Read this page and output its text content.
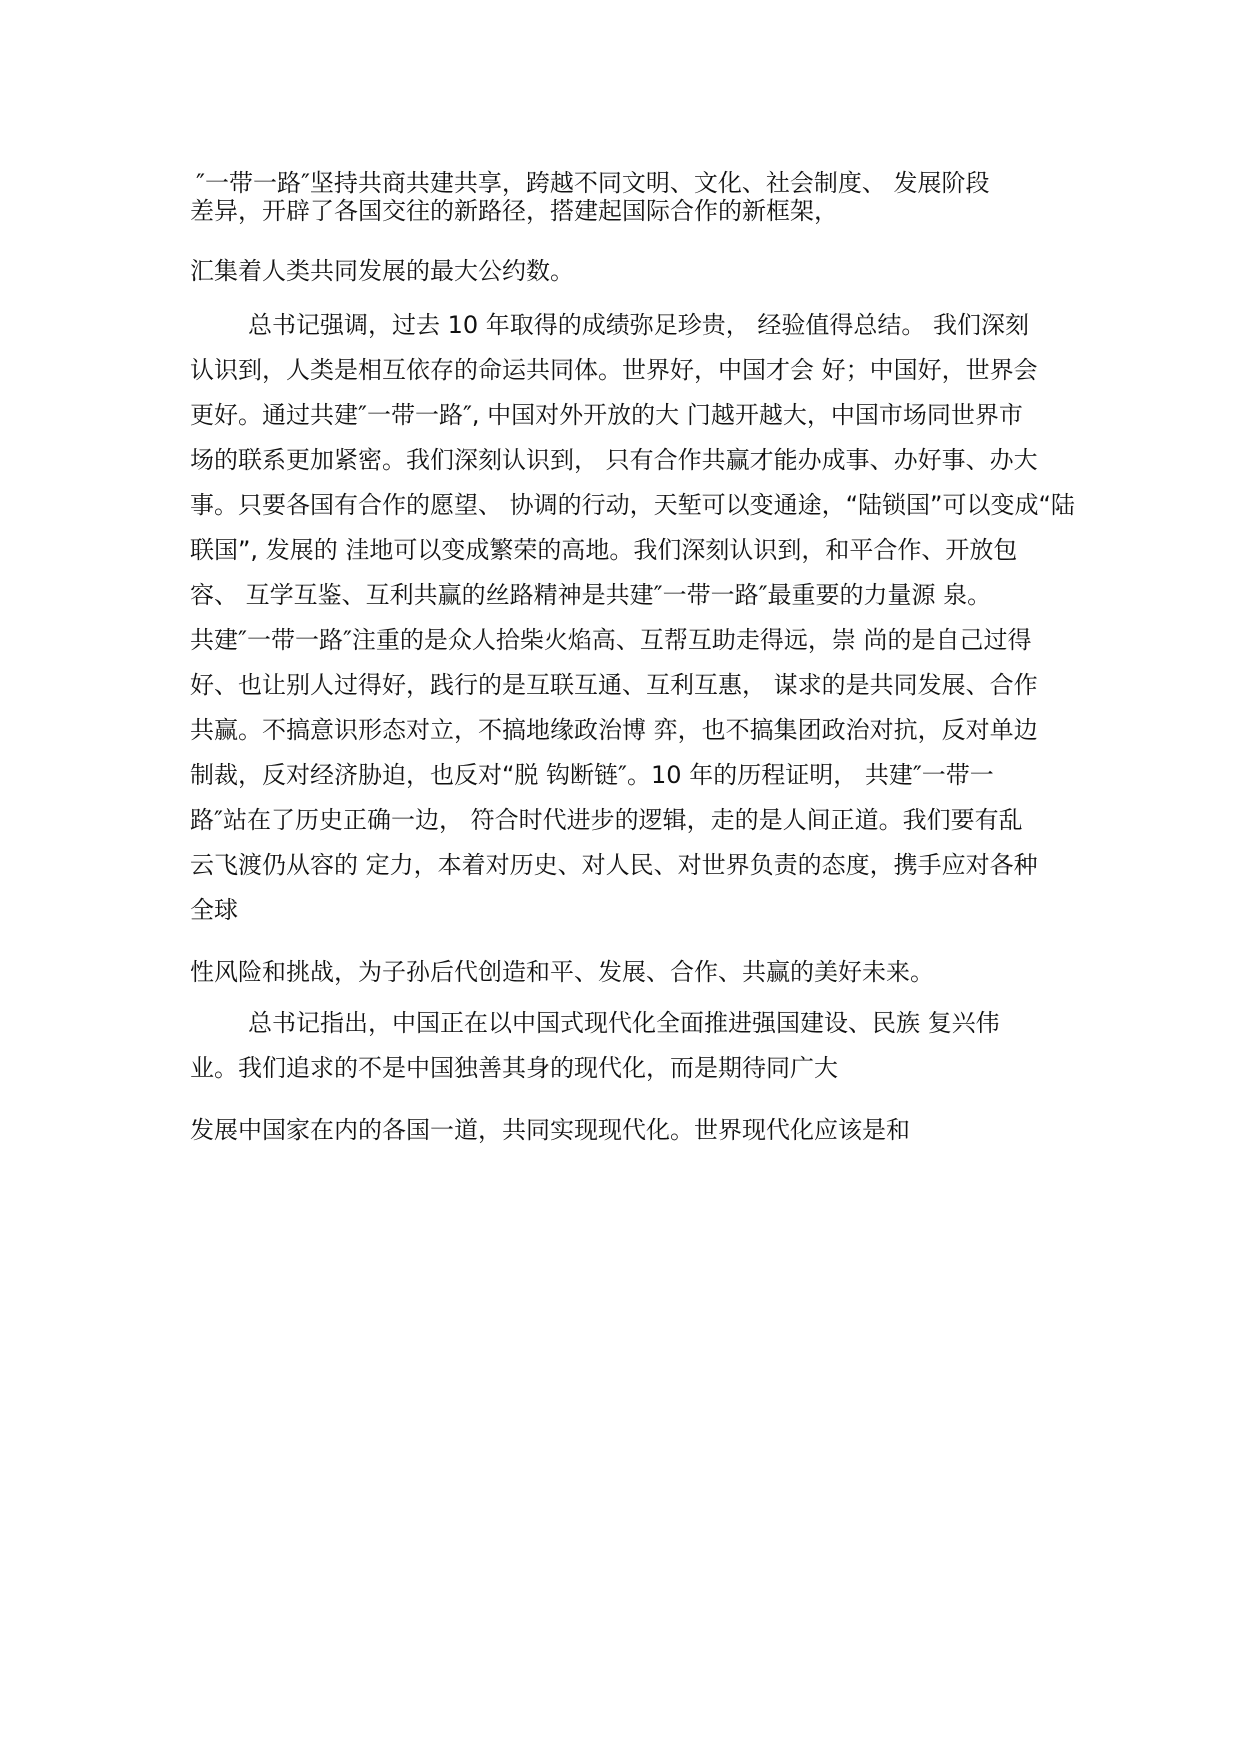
″一带一路″坚持共商共建共享，跨越不同文明、文化、社会制度、 发展阶段
差异，开辟了各国交往的新路径，搭建起国际合作的新框架，
汇集着人类共同发展的最大公约数。
总书记强调，过去 10 年取得的成绩弥足珍贵， 经验值得总结。 我们深刻
认识到，人类是相互依存的命运共同体。世界好，中国才会 好；中国好，世界会
更好。通过共建″一带一路″, 中国对外开放的大 门越开越大，中国市场同世界市
场的联系更加紧密。我们深刻认识到， 只有合作共赢才能办成事、办好事、办大
事。只要各国有合作的愿望、 协调的行动，天堑可以变通途，“陆锁国”可以变成“陆
联国”, 发展的 洼地可以变成繁荣的高地。我们深刻认识到，和平合作、开放包
容、 互学互鉴、互利共赢的丝路精神是共建″一带一路″最重要的力量源 泉。
共建″一带一路″注重的是众人拾柴火焰高、互帮互助走得远，崇 尚的是自己过得
好、也让别人过得好，践行的是互联互通、互利互惠， 谋求的是共同发展、合作
共赢。不搞意识形态对立，不搞地缘政治博 弈，也不搞集团政治对抗，反对单边
制裁，反对经济胁迫，也反对“脱 钩断链″。10 年的历程证明， 共建″一带一
路″站在了历史正确一边， 符合时代进步的逻辑，走的是人间正道。我们要有乱
云飞渡仍从容的 定力，本着对历史、对人民、对世界负责的态度，携手应对各种
全球
性风险和挑战，为子孙后代创造和平、发展、合作、共赢的美好未来。
总书记指出，中国正在以中国式现代化全面推进强国建设、民族 复兴伟
业。我们追求的不是中国独善其身的现代化，而是期待同广大
发展中国家在内的各国一道，共同实现现代化。世界现代化应该是和
